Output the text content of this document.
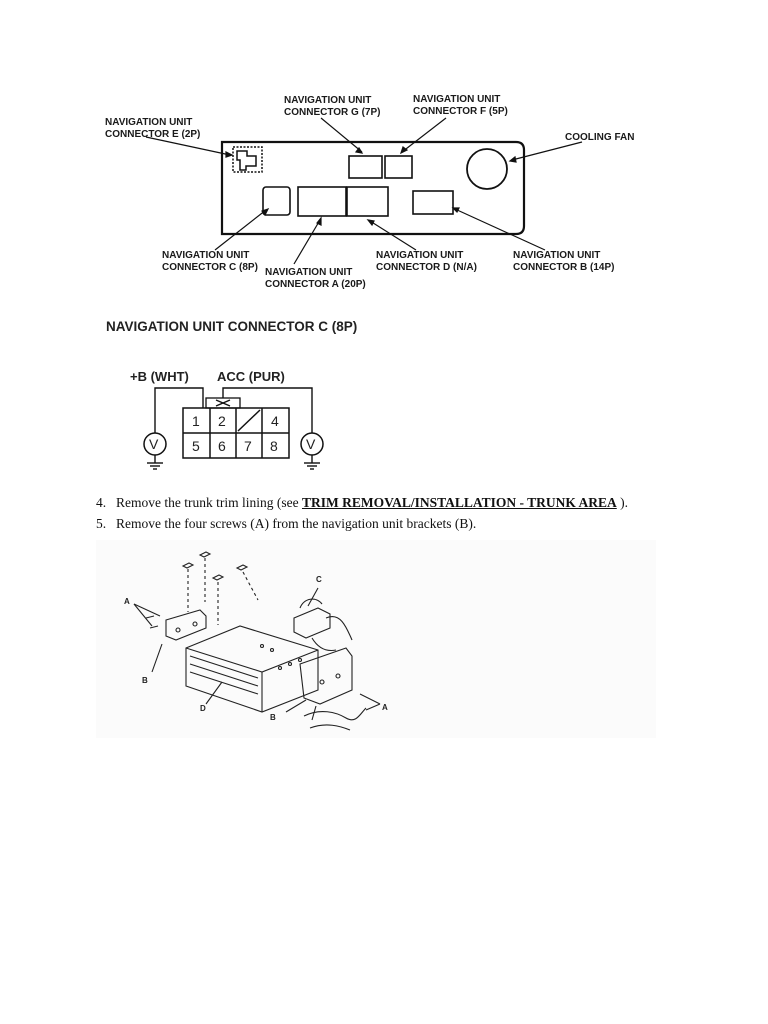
NAVIGATION UNIT CONNECTOR G (7P)
NAVIGATION UNIT CONNECTOR F (5P)
NAVIGATION UNIT CONNECTOR E (2P)	COOLING FAN
NAVIGATION UNIT CONNECTOR C (8P) NAVIGATION UNIT CONNECTOR A (20P)
NAVIGATION UNIT CONNECTOR D (N/A)
NAVIGATION UNIT CONNECTOR B (14P)
NAVIGATION UNIT CONNECTOR C (8P)
+B (WHT) ACC (PUR)
1 2	4
5 6 7 8
V	V
4. Remove the trunk trim lining (see TRIM REMOVAL/INSTALLATION - TRUNK AREA ).
5. Remove the four screws (A) from the navigation unit brackets (B).
A
B
C
D
B
A
